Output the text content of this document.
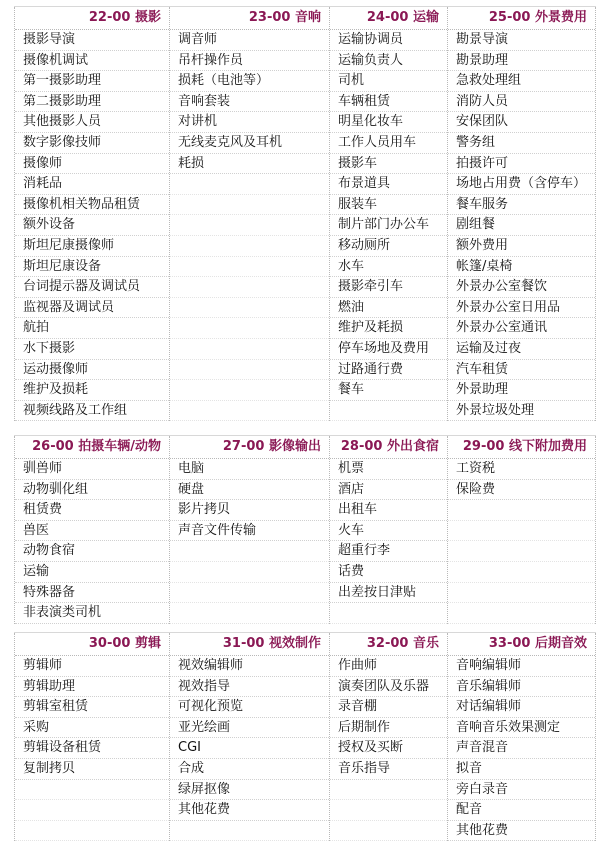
22-00 摄影
摄影导演
摄像机调试
第一摄影助理
第二摄影助理
其他摄影人员
数字影像技师
摄像师
消耗品
摄像机相关物品租赁
额外设备
斯坦尼康摄像师
斯坦尼康设备
台词提示器及调试员
监视器及调试员
航拍
水下摄影
运动摄像师
维护及损耗
视频线路及工作组
23-00 音响
调音师
吊杆操作员
损耗（电池等）
音响套装
对讲机
无线麦克风及耳机
耗损
24-00 运输
运输协调员
运输负责人
司机
车辆租赁
明星化妆车
工作人员用车
摄影车
布景道具
服装车
制片部门办公车
移动厕所
水车
摄影牵引车
燃油
维护及耗损
停车场地及费用
过路通行费
餐车
25-00 外景费用
勘景导演
勘景助理
急救处理组
消防人员
安保团队
警务组
拍摄许可
场地占用费（含停车）
餐车服务
剧组餐
额外费用
帐篷/桌椅
外景办公室餐饮
外景办公室日用品
外景办公室通讯
运输及过夜
汽车租赁
外景助理
外景垃圾处理
26-00 拍摄车辆/动物
驯兽师
动物驯化组
租赁费
兽医
动物食宿
运输
特殊器备
非表演类司机
27-00 影像输出
电脑
硬盘
影片拷贝
声音文件传输
28-00 外出食宿
机票
酒店
出租车
火车
超重行李
话费
出差按日津贴
29-00 线下附加费用
工资税
保险费
30-00 剪辑
剪辑师
剪辑助理
剪辑室租赁
采购
剪辑设备租赁
复制拷贝
31-00 视效制作
视效编辑师
视效指导
可视化预览
亚光绘画
CGI
合成
绿屏抠像
其他花费
32-00 音乐
作曲师
演奏团队及乐器
录音棚
后期制作
授权及买断
音乐指导
33-00 后期音效
音响编辑师
音乐编辑师
对话编辑师
音响音乐效果测定
声音混音
拟音
旁白录音
配音
其他花费
